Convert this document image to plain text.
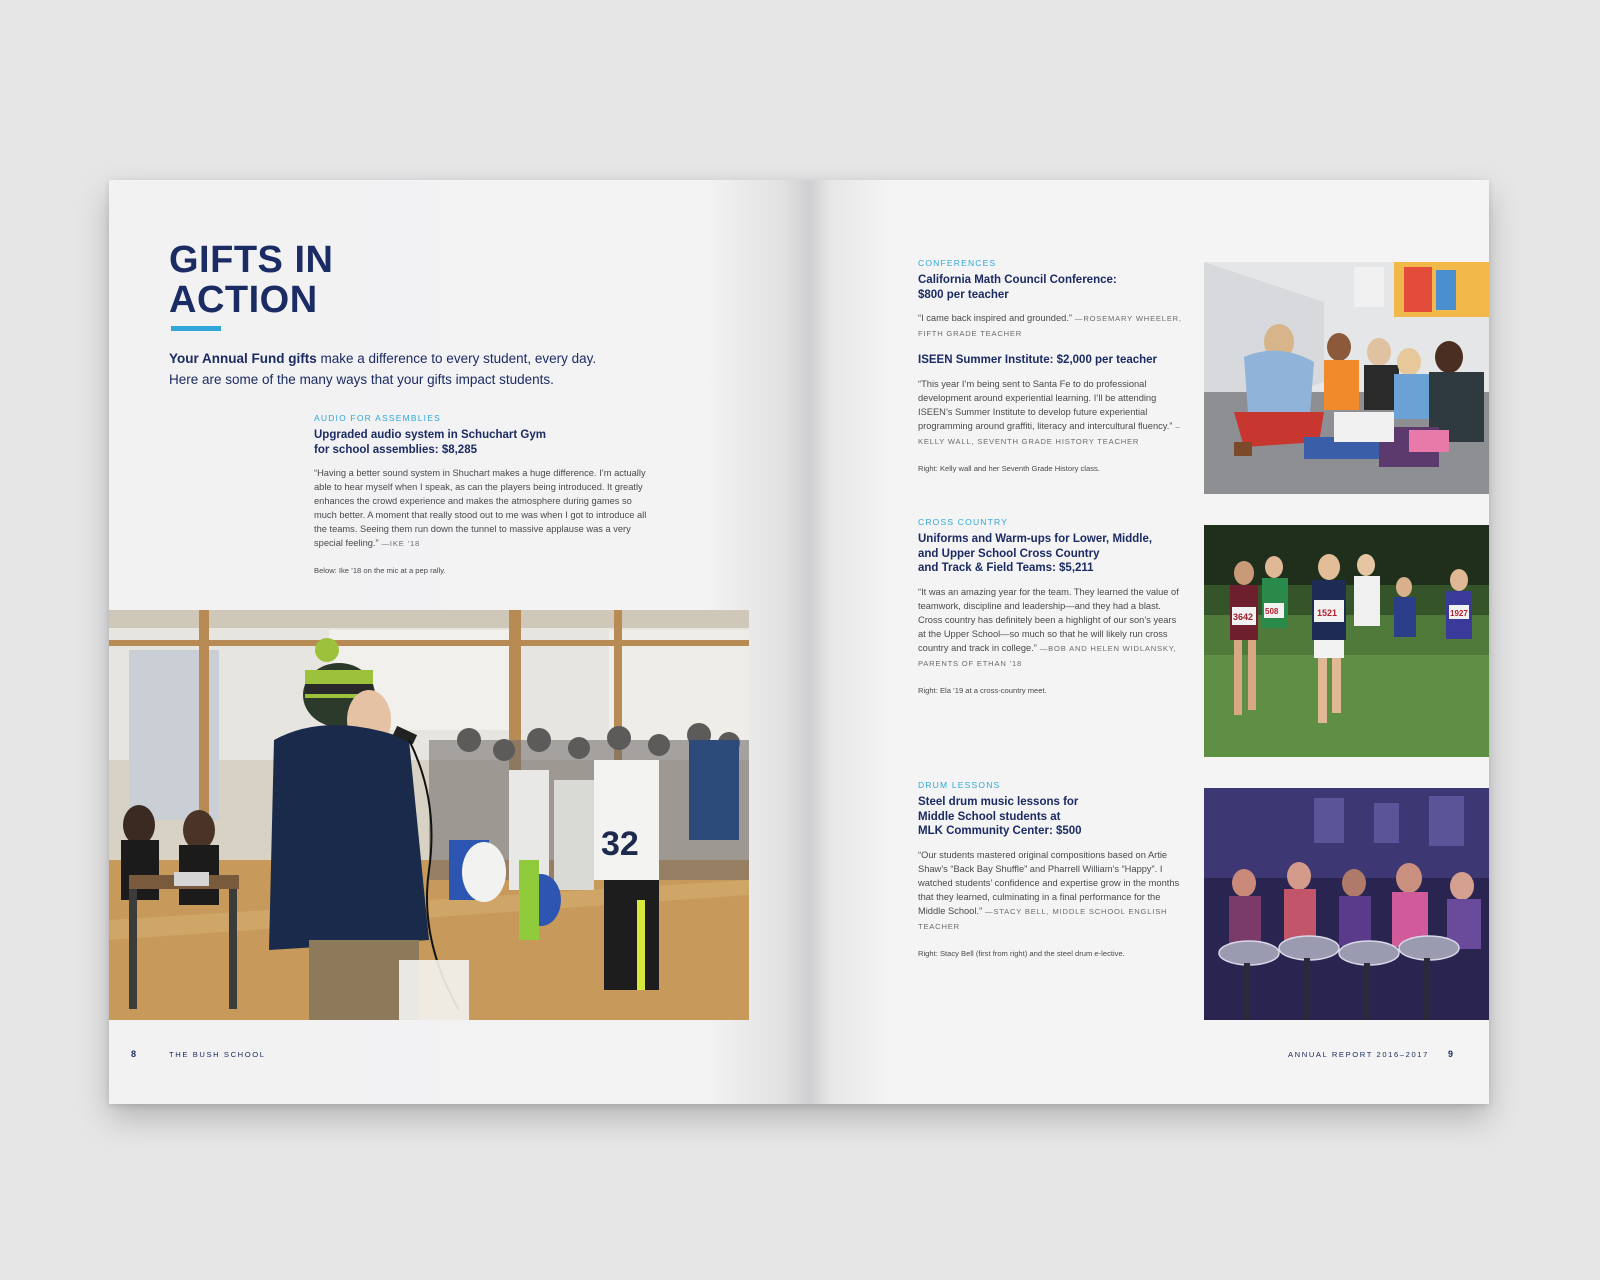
GIFTS IN
ACTION
Your Annual Fund gifts make a difference to every student, every day.
Here are some of the many ways that your gifts impact students.
AUDIO FOR ASSEMBLIES
Upgraded audio system in Schuchart Gym
for school assemblies: $8,285
“Having a better sound system in Shuchart makes a huge difference. I’m actually able to hear myself when I speak, as can the players being introduced. It greatly enhances the crowd experience and makes the atmosphere during games so much better. A moment that really stood out to me was when I got to introduce all the teams. Seeing them run down the tunnel to massive applause was a very special feeling.” —IKE ’18
Below: Ike ’18 on the mic at a pep rally.
32
8	THE BUSH SCHOOL
CONFERENCES
California Math Council Conference:
$800 per teacher
“I came back inspired and grounded.” —ROSEMARY WHEELER, FIFTH GRADE TEACHER
ISEEN Summer Institute: $2,000 per teacher
“This year I’m being sent to Santa Fe to do professional development around experiential learning. I’ll be attending ISEEN’s Summer Institute to develop future experiential programming around graffiti, literacy and intercultural fluency.” –KELLY WALL, SEVENTH GRADE HISTORY TEACHER
Right: Kelly wall and her Seventh Grade History class.
CROSS COUNTRY
Uniforms and Warm-ups for Lower, Middle,
and Upper School Cross Country
and Track & Field Teams: $5,211
“It was an amazing year for the team. They learned the value of teamwork, discipline and leadership—and they had a blast. Cross country has definitely been a highlight of our son’s years at the Upper School—so much so that he will likely run cross country and track in college.” —BOB AND HELEN WIDLANSKY, PARENTS OF ETHAN ’18
Right: Ela ’19 at a cross-country meet.
3642
508	1521	1927
DRUM LESSONS
Steel drum music lessons for
Middle School students at
MLK Community Center: $500
“Our students mastered original compositions based on Artie Shaw’s “Back Bay Shuffle” and Pharrell William’s “Happy”. I watched students’ confidence and expertise grow in the months that they learned, culminating in a final performance for the Middle School.” —STACY BELL, MIDDLE SCHOOL ENGLISH TEACHER
Right: Stacy Bell (first from right) and the steel drum e-lective.
ANNUAL REPORT 2016–2017 9
